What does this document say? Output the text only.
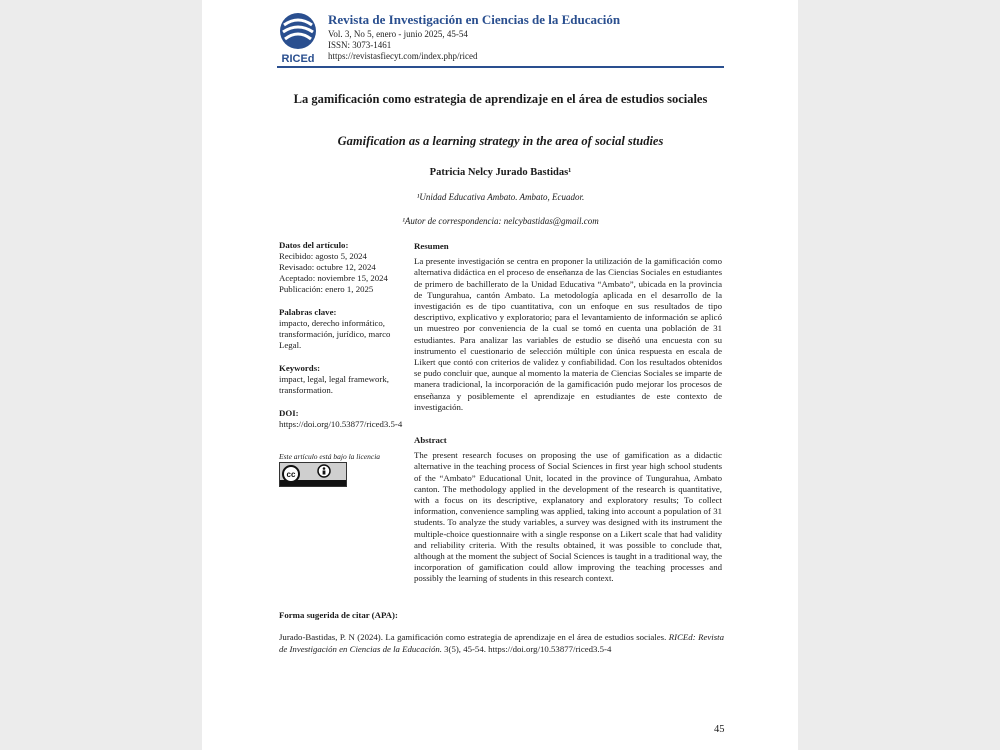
RICEd
Revista de Investigación en Ciencias de la Educación
Vol. 3, No 5, enero - junio 2025, 45-54
ISSN: 3073-1461
https://revistasfiecyt.com/index.php/riced
La gamificación como estrategia de aprendizaje en el área de estudios sociales
Gamification as a learning strategy in the area of social studies
Patricia Nelcy Jurado Bastidas¹
¹Unidad Educativa Ambato. Ambato, Ecuador.
¹Autor de correspondencia: nelcybastidas@gmail.com
Datos del artículo:
Recibido: agosto 5, 2024
Revisado: octubre 12, 2024
Aceptado: noviembre 15, 2024
Publicación: enero 1, 2025
Palabras clave:
impacto, derecho informático, transformación, jurídico, marco Legal.
Keywords:
impact, legal, legal framework, transformation.
DOI:
https://doi.org/10.53877/riced3.5-4
Este artículo está bajo la licencia
cc
Resumen

La presente investigación se centra en proponer la utilización de la gamificación como alternativa didáctica en el proceso de enseñanza de las Ciencias Sociales en estudiantes de primero de bachillerato de la Unidad Educativa “Ambato”, ubicada en la provincia de Tungurahua, cantón Ambato. La metodología aplicada en el desarrollo de la investigación es de tipo cuantitativa, con un enfoque en sus resultados de tipo descriptivo, explicativo y exploratorio; para el levantamiento de información se aplicó un muestreo por conveniencia de la cual se tomó en cuenta una población de 31 estudiantes. Para analizar las variables de estudio se diseñó una encuesta con su instrumento el cuestionario de selección múltiple con única respuesta en escala de Likert que contó con criterios de validez y confiabilidad. Con los resultados obtenidos se pudo concluir que, aunque al momento la materia de Ciencias Sociales se imparte de manera tradicional, la incorporación de la gamificación pudo mejorar los procesos de enseñanza y posiblemente el aprendizaje en estudiantes de este contexto de investigación.

Abstract

The present research focuses on proposing the use of gamification as a didactic alternative in the teaching process of Social Sciences in first year high school students of the “Ambato” Educational Unit, located in the province of Tungurahua, Ambato canton. The methodology applied in the development of the research is quantitative, with a focus on its descriptive, explanatory and exploratory results; To collect information, convenience sampling was applied, taking into account a population of 31 students. To analyze the study variables, a survey was designed with its instrument the multiple-choice questionnaire with a single response on a Likert scale that had validity and reliability criteria. With the results obtained, it was possible to conclude that, although at the moment the subject of Social Sciences is taught in a traditional way, the incorporation of gamification could allow improving the teaching processes and possibly the learning of students in this research context.

Forma sugerida de citar (APA):
Jurado-Bastidas, P. N (2024). La gamificación como estrategia de aprendizaje en el área de estudios sociales. RICEd: Revista de Investigación en Ciencias de la Educación. 3(5), 45-54. https://doi.org/10.53877/riced3.5-4
45
